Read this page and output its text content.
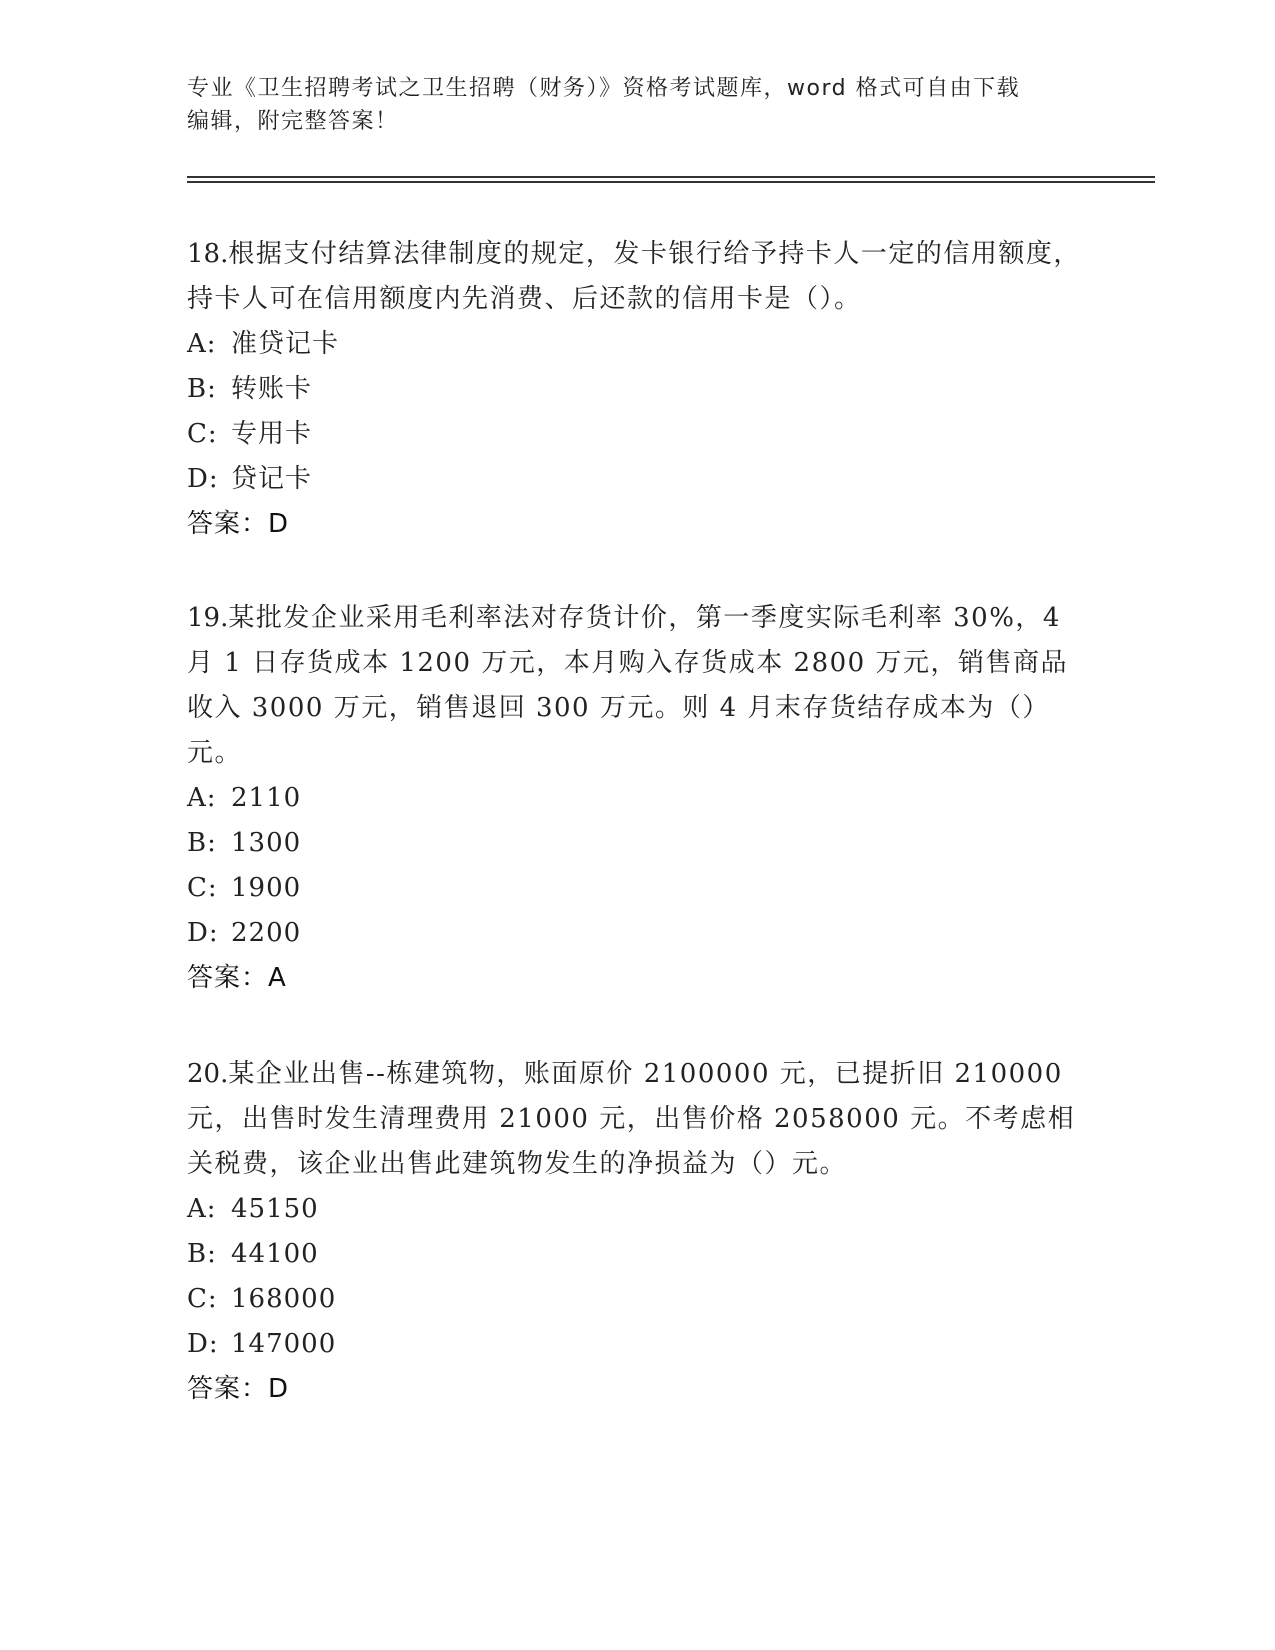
专业《卫生招聘考试之卫生招聘（财务）》资格考试题库，word 格式可自由下载
编辑，附完整答案！

18.根据支付结算法律制度的规定，发卡银行给予持卡人一定的信用额度，持卡人可在信用额度内先消费、后还款的信用卡是（）。

A: 准贷记卡
B: 转账卡
C: 专用卡
D: 贷记卡
答案：D

19.某批发企业采用毛利率法对存货计价，第一季度实际毛利率 30%，4 月 1 日存货成本 1200 万元，本月购入存货成本 2800 万元，销售商品收入 3000 万元，销售退回 300 万元。则 4 月末存货结存成本为（）元。

A: 2110
B: 1300
C: 1900
D: 2200
答案：A

20.某企业出售--栋建筑物，账面原价 2100000 元，已提折旧 210000 元，出售时发生清理费用 21000 元，出售价格 2058000 元。不考虑相关税费，该企业出售此建筑物发生的净损益为（）元。

A: 45150
B: 44100
C: 168000
D: 147000
答案：D
